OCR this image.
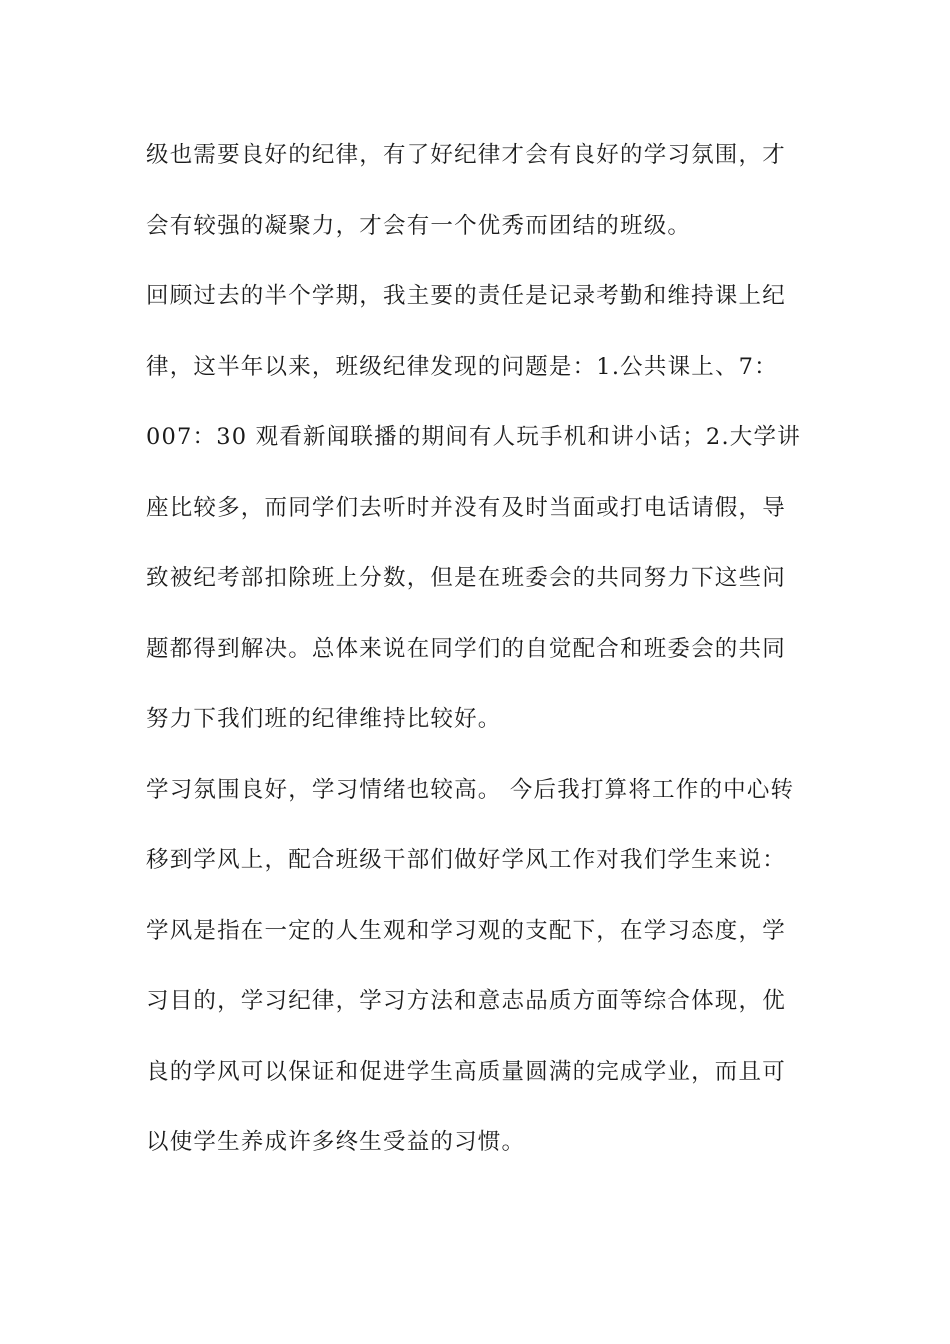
级也需要良好的纪律，有了好纪律才会有良好的学习氛围，才
会有较强的凝聚力，才会有一个优秀而团结的班级。
回顾过去的半个学期，我主要的责任是记录考勤和维持课上纪
律，这半年以来，班级纪律发现的问题是：1.公共课上、7：
007：30 观看新闻联播的期间有人玩手机和讲小话；2.大学讲
座比较多，而同学们去听时并没有及时当面或打电话请假，导
致被纪考部扣除班上分数，但是在班委会的共同努力下这些问
题都得到解决。总体来说在同学们的自觉配合和班委会的共同
努力下我们班的纪律维持比较好。
学习氛围良好，学习情绪也较高。 今后我打算将工作的中心转
移到学风上，配合班级干部们做好学风工作对我们学生来说：
学风是指在一定的人生观和学习观的支配下，在学习态度，学
习目的，学习纪律，学习方法和意志品质方面等综合体现，优
良的学风可以保证和促进学生高质量圆满的完成学业，而且可
以使学生养成许多终生受益的习惯。
